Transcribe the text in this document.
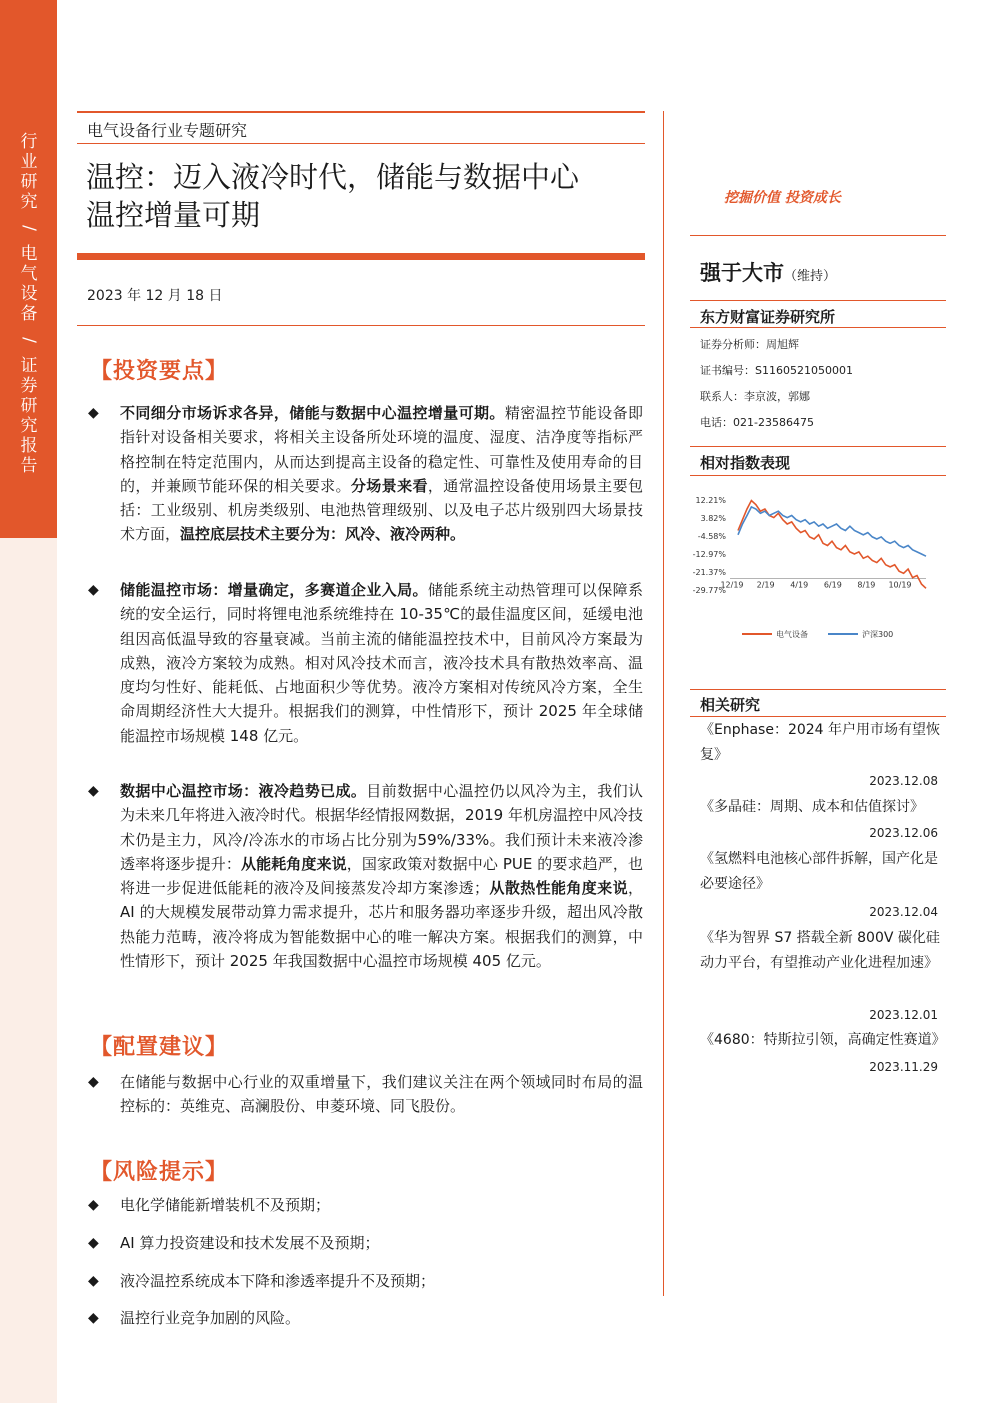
行
业
研
究
/
电
气
设
备
/
证
券
研
究
报
告
电气设备行业专题研究
温控：迈入液冷时代，储能与数据中心
温控增量可期
2023 年 12 月 18 日
【投资要点】
◆ 不同细分市场诉求各异，储能与数据中心温控增量可期。精密温控节能设备即指针对设备相关要求，将相关主设备所处环境的温度、湿度、洁净度等指标严格控制在特定范围内，从而达到提高主设备的稳定性、可靠性及使用寿命的目的，并兼顾节能环保的相关要求。分场景来看，通常温控设备使用场景主要包括：工业级别、机房类级别、电池热管理级别、以及电子芯片级别四大场景技术方面，温控底层技术主要分为：风冷、液冷两种。
◆ 储能温控市场：增量确定，多赛道企业入局。储能系统主动热管理可以保障系统的安全运行，同时将锂电池系统维持在 10-35℃的最佳温度区间，延缓电池组因高低温导致的容量衰减。当前主流的储能温控技术中，目前风冷方案最为成熟，液冷方案较为成熟。相对风冷技术而言，液冷技术具有散热效率高、温度均匀性好、能耗低、占地面积少等优势。液冷方案相对传统风冷方案，全生命周期经济性大大提升。根据我们的测算，中性情形下，预计 2025 年全球储能温控市场规模 148 亿元。
◆ 数据中心温控市场：液冷趋势已成。目前数据中心温控仍以风冷为主，我们认为未来几年将进入液冷时代。根据华经情报网数据，2019 年机房温控中风冷技术仍是主力，风冷/冷冻水的市场占比分别为59%/33%。我们预计未来液冷渗透率将逐步提升：从能耗角度来说，国家政策对数据中心 PUE 的要求趋严，也将进一步促进低能耗的液冷及间接蒸发冷却方案渗透；从散热性能角度来说，AI 的大规模发展带动算力需求提升，芯片和服务器功率逐步升级，超出风冷散热能力范畴，液冷将成为智能数据中心的唯一解决方案。根据我们的测算，中性情形下，预计 2025 年我国数据中心温控市场规模 405 亿元。
【配置建议】
◆ 在储能与数据中心行业的双重增量下，我们建议关注在两个领域同时布局的温控标的：英维克、高澜股份、申菱环境、同飞股份。
【风险提示】
◆ 电化学储能新增装机不及预期；
◆ AI 算力投资建设和技术发展不及预期；
◆ 液冷温控系统成本下降和渗透率提升不及预期；
◆ 温控行业竞争加剧的风险。
挖掘价值 投资成长
强于大市（维持）
东方财富证券研究所
证券分析师：周旭辉
证书编号：S1160521050001
联系人：李京波，郭娜
电话：021-23586475
相对指数表现
12.21%
3.82%
-4.58%
-12.97%
-21.37%
-29.77%
12/19 2/19 4/19 6/19 8/19 10/19
电气设备	沪深300
相关研究
《Enphase：2024 年户用市场有望恢复》
2023.12.08
《多晶硅：周期、成本和估值探讨》
2023.12.06
《氢燃料电池核心部件拆解，国产化是必要途径》
2023.12.04
《华为智界 S7 搭载全新 800V 碳化硅动力平台，有望推动产业化进程加速》
2023.12.01
《4680：特斯拉引领，高确定性赛道》
2023.11.29
